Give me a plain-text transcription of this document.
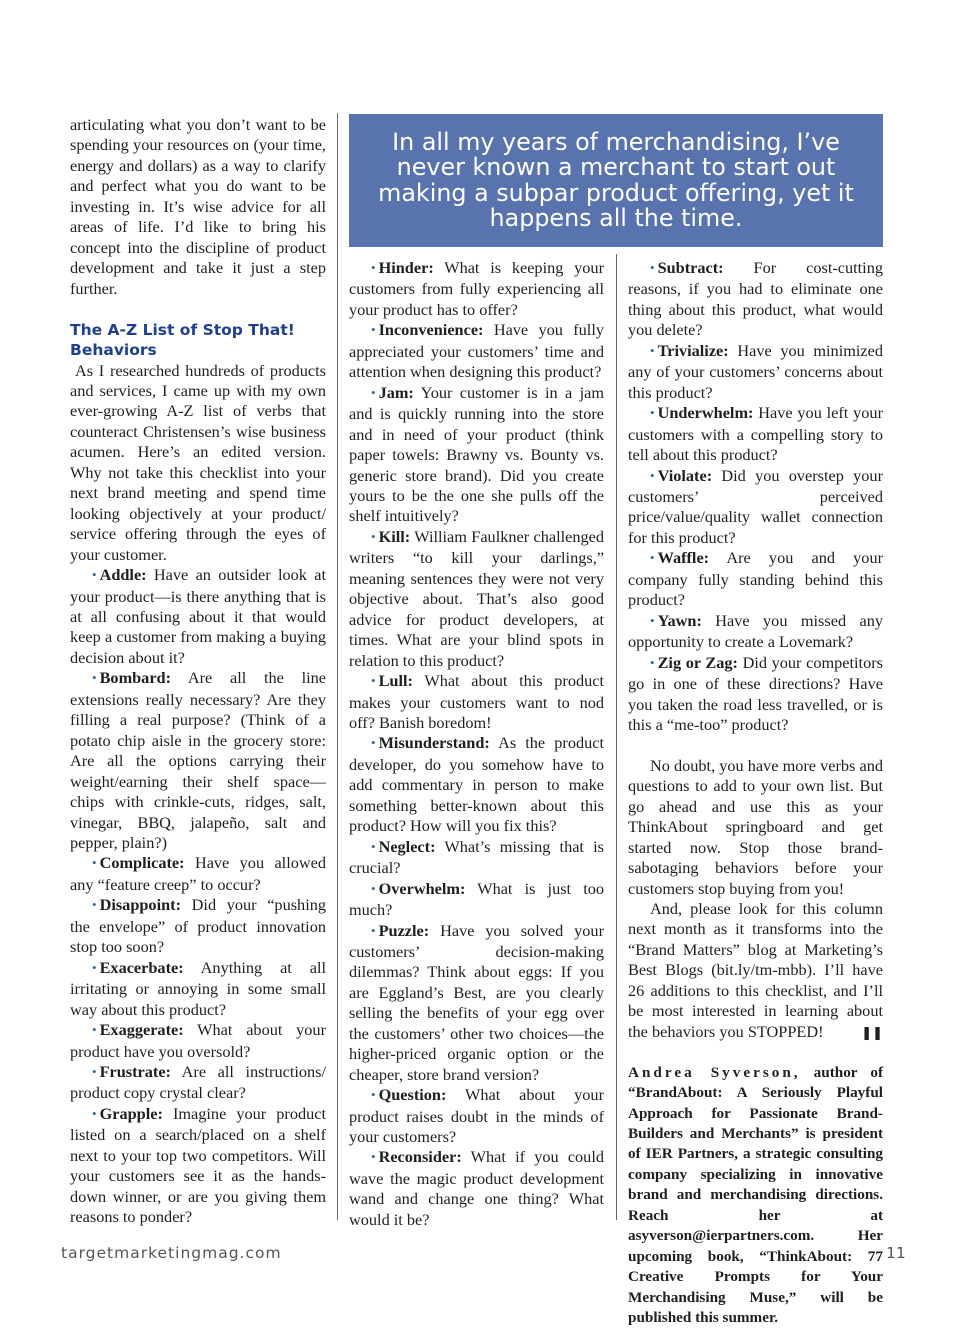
In all my years of merchandising, I’ve never known a merchant to start out making a subpar product offering, yet it happens all the time.

articulating what you don’t want to be spending your resources on (your time, energy and dollars) as a way to clarify and perfect what you do want to be investing in. It’s wise advice for all areas of life. I’d like to bring his concept into the discipline of product development and take it just a step further.

The A-Z List of Stop That! Behaviors

As I researched hundreds of products and services, I came up with my own ever-growing A-Z list of verbs that counteract Christensen’s wise business acumen. Here’s an edited version. Why not take this checklist into your next brand meeting and spend time looking objectively at your product/ service offering through the eyes of your customer.

• Addle: Have an outsider look at your product—is there anything that is at all confusing about it that would keep a customer from making a buying decision about it?

• Bombard: Are all the line extensions really necessary? Are they filling a real purpose? (Think of a potato chip aisle in the grocery store: Are all the options carrying their weight/earning their shelf space—chips with crinkle-cuts, ridges, salt, vinegar, BBQ, jalapeño, salt and pepper, plain?)

• Complicate: Have you allowed any “feature creep” to occur?

• Disappoint: Did your “pushing the envelope” of product innovation stop too soon?

• Exacerbate: Anything at all irritating or annoying in some small way about this product?

• Exaggerate: What about your product have you oversold?

• Frustrate: Are all instructions/ product copy crystal clear?

• Grapple: Imagine your product listed on a search/placed on a shelf next to your top two competitors. Will your customers see it as the hands-down winner, or are you giving them reasons to ponder?

• Hinder: What is keeping your customers from fully experiencing all your product has to offer?

• Inconvenience: Have you fully appreciated your customers’ time and attention when designing this product?

• Jam: Your customer is in a jam and is quickly running into the store and in need of your product (think paper towels: Brawny vs. Bounty vs. generic store brand). Did you create yours to be the one she pulls off the shelf intuitively?

• Kill: William Faulkner challenged writers “to kill your darlings,” meaning sentences they were not very objective about. That’s also good advice for product developers, at times. What are your blind spots in relation to this product?

• Lull: What about this product makes your customers want to nod off? Banish boredom!

• Misunderstand: As the product developer, do you somehow have to add commentary in person to make something better-known about this product? How will you fix this?

• Neglect: What’s missing that is crucial?

• Overwhelm: What is just too much?

• Puzzle: Have you solved your customers’ decision-making dilemmas? Think about eggs: If you are Eggland’s Best, are you clearly selling the benefits of your egg over the customers’ other two choices—the higher-priced organic option or the cheaper, store brand version?

• Question: What about your product raises doubt in the minds of your customers?

• Reconsider: What if you could wave the magic product development wand and change one thing? What would it be?

• Subtract: For cost-cutting reasons, if you had to eliminate one thing about this product, what would you delete?

• Trivialize: Have you minimized any of your customers’ concerns about this product?

• Underwhelm: Have you left your customers with a compelling story to tell about this product?

• Violate: Did you overstep your customers’ perceived price/value/quality wallet connection for this product?

• Waffle: Are you and your company fully standing behind this product?

• Yawn: Have you missed any opportunity to create a Lovemark?

• Zig or Zag: Did your competitors go in one of these directions? Have you taken the road less travelled, or is this a “me-too” product?

No doubt, you have more verbs and questions to add to your own list. But go ahead and use this as your ThinkAbout springboard and get started now. Stop those brand-sabotaging behaviors before your customers stop buying from you!

And, please look for this column next month as it transforms into the “Brand Matters” blog at Marketing’s Best Blogs (bit.ly/tm-mbb). I’ll have 26 additions to this checklist, and I’ll be most interested in learning about the behaviors you STOPPED!	❚❚

Andrea Syverson, author of “BrandAbout: A Seriously Playful Approach for Passionate Brand-Builders and Merchants” is president of IER Partners, a strategic consulting company specializing in innovative brand and merchandising directions. Reach her at asyverson@ierpartners.com. Her upcoming book, “ThinkAbout: 77 Creative Prompts for Your Merchandising Muse,” will be published this summer.

targetmarketingmag.com	11
